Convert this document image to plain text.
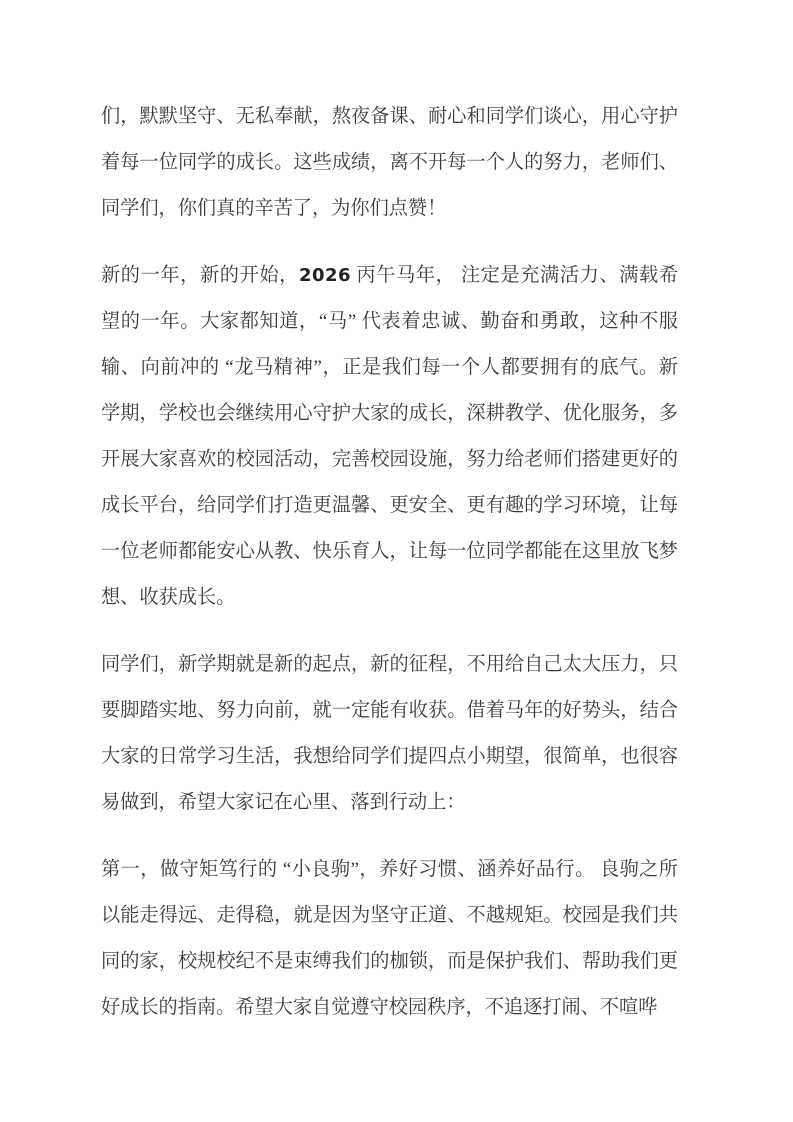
们，默默坚守、无私奉献，熬夜备课、耐心和同学们谈心，用心守护着每一位同学的成长。这些成绩，离不开每一个人的努力，老师们、同学们，你们真的辛苦了，为你们点赞！

新的一年，新的开始，2026 丙午马年， 注定是充满活力、满载希望的一年。大家都知道，“马” 代表着忠诚、勤奋和勇敢，这种不服输、向前冲的 “龙马精神”，正是我们每一个人都要拥有的底气。新学期，学校也会继续用心守护大家的成长，深耕教学、优化服务，多开展大家喜欢的校园活动，完善校园设施，努力给老师们搭建更好的成长平台，给同学们打造更温馨、更安全、更有趣的学习环境，让每一位老师都能安心从教、快乐育人，让每一位同学都能在这里放飞梦想、收获成长。

同学们，新学期就是新的起点，新的征程，不用给自己太大压力，只要脚踏实地、努力向前，就一定能有收获。借着马年的好势头，结合大家的日常学习生活，我想给同学们提四点小期望，很简单，也很容易做到，希望大家记在心里、落到行动上：

第一，做守矩笃行的 “小良驹”，养好习惯、涵养好品行。 良驹之所以能走得远、走得稳，就是因为坚守正道、不越规矩。校园是我们共同的家，校规校纪不是束缚我们的枷锁，而是保护我们、帮助我们更好成长的指南。希望大家自觉遵守校园秩序，不追逐打闹、不喧哗
